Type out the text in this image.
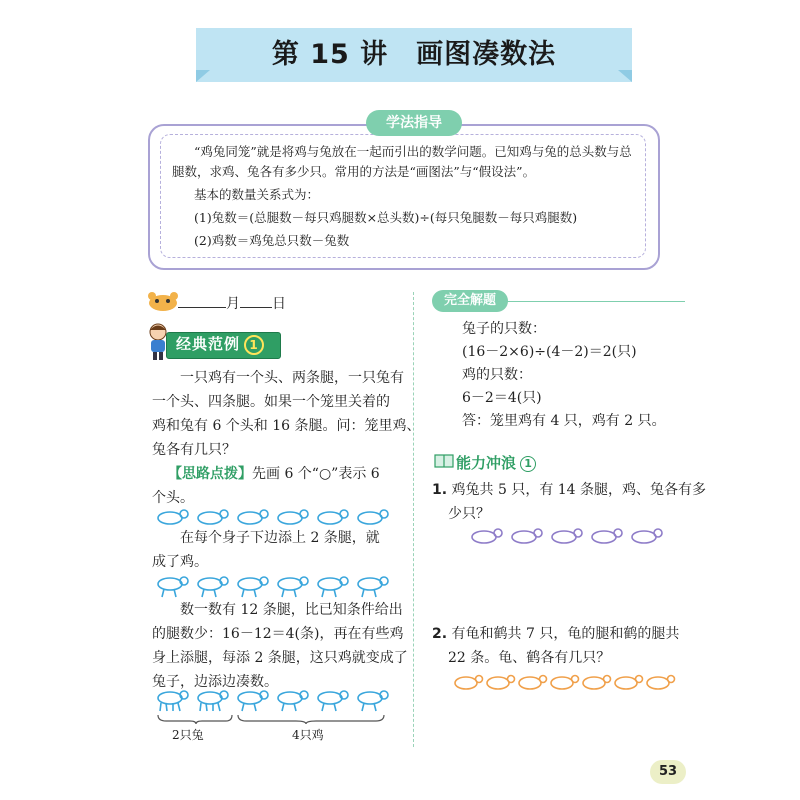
第 15 讲　画图凑数法
学法指导
“鸡兔同笼”就是将鸡与兔放在一起而引出的数学问题。已知鸡与兔的总头数与总
腿数，求鸡、兔各有多少只。常用的方法是“画图法”与“假设法”。
基本的数量关系式为：
(1)兔数＝(总腿数－每只鸡腿数×总头数)÷(每只兔腿数－每只鸡腿数)
(2)鸡数＝鸡兔总只数－兔数
月 日
经典范例 1
一只鸡有一个头、两条腿，一只兔有
一个头、四条腿。如果一个笼里关着的
鸡和兔有 6 个头和 16 条腿。问：笼里鸡、
兔各有几只？
【思路点拨】先画 6 个“○”表示 6
个头。
在每个身子下边添上 2 条腿，就
成了鸡。
数一数有 12 条腿，比已知条件给出
的腿数少：16－12＝4(条)，再在有些鸡
身上添腿，每添 2 条腿，这只鸡就变成了
兔子，边添边凑数。
2只兔	4只鸡
完全解题
兔子的只数：
(16－2×6)÷(4－2)＝2(只)
鸡的只数：
6－2＝4(只)
答：笼里鸡有 4 只，鸡有 2 只。
能力冲浪 1
1. 鸡兔共 5 只，有 14 条腿，鸡、兔各有多
少只？
2. 有龟和鹤共 7 只，龟的腿和鹤的腿共
22 条。龟、鹤各有几只？
53
